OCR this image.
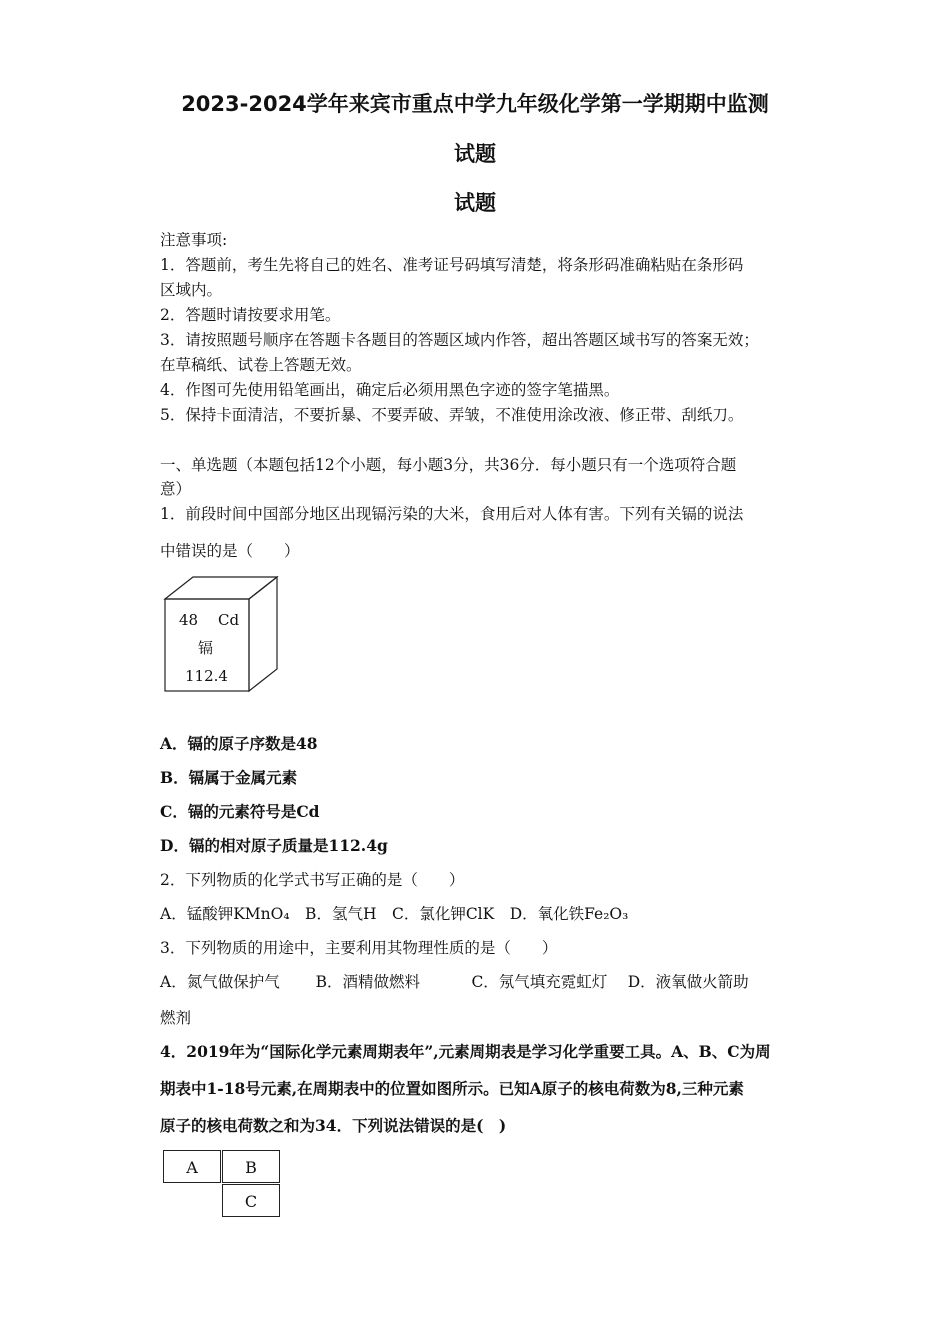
2023-2024学年来宾市重点中学九年级化学第一学期期中监测
试题
试题
注意事项:
1．答题前，考生先将自己的姓名、准考证号码填写清楚，将条形码准确粘贴在条形码
区域内。
2．答题时请按要求用笔。
3．请按照题号顺序在答题卡各题目的答题区域内作答，超出答题区域书写的答案无效；
在草稿纸、试卷上答题无效。
4．作图可先使用铅笔画出，确定后必须用黑色字迹的签字笔描黑。
5．保持卡面清洁，不要折暴、不要弄破、弄皱，不准使用涂改液、修正带、刮纸刀。
一、单选题（本题包括12个小题，每小题3分，共36分．每小题只有一个选项符合题
意）
1．前段时间中国部分地区出现镉污染的大米，食用后对人体有害。下列有关镉的说法
中错误的是（　　）
48 Cd
镉
112.4
A．镉的原子序数是48
B．镉属于金属元素
C．镉的元素符号是Cd
D．镉的相对原子质量是112.4g
2．下列物质的化学式书写正确的是（　　）
A．锰酸钾KMnO₄　B．氢气H　C．氯化钾ClK　D．氧化铁Fe₂O₃
3．下列物质的用途中，主要利用其物理性质的是（　　）
A．氮气做保护气　　 B．酒精做燃料　　　 C．氖气填充霓虹灯　 D．液氧做火箭助
燃剂
4．2019年为“国际化学元素周期表年”,元素周期表是学习化学重要工具。A、B、C为周
期表中1-18号元素,在周期表中的位置如图所示。已知A原子的核电荷数为8,三种元素
原子的核电荷数之和为34．下列说法错误的是(　)
A	B
C
